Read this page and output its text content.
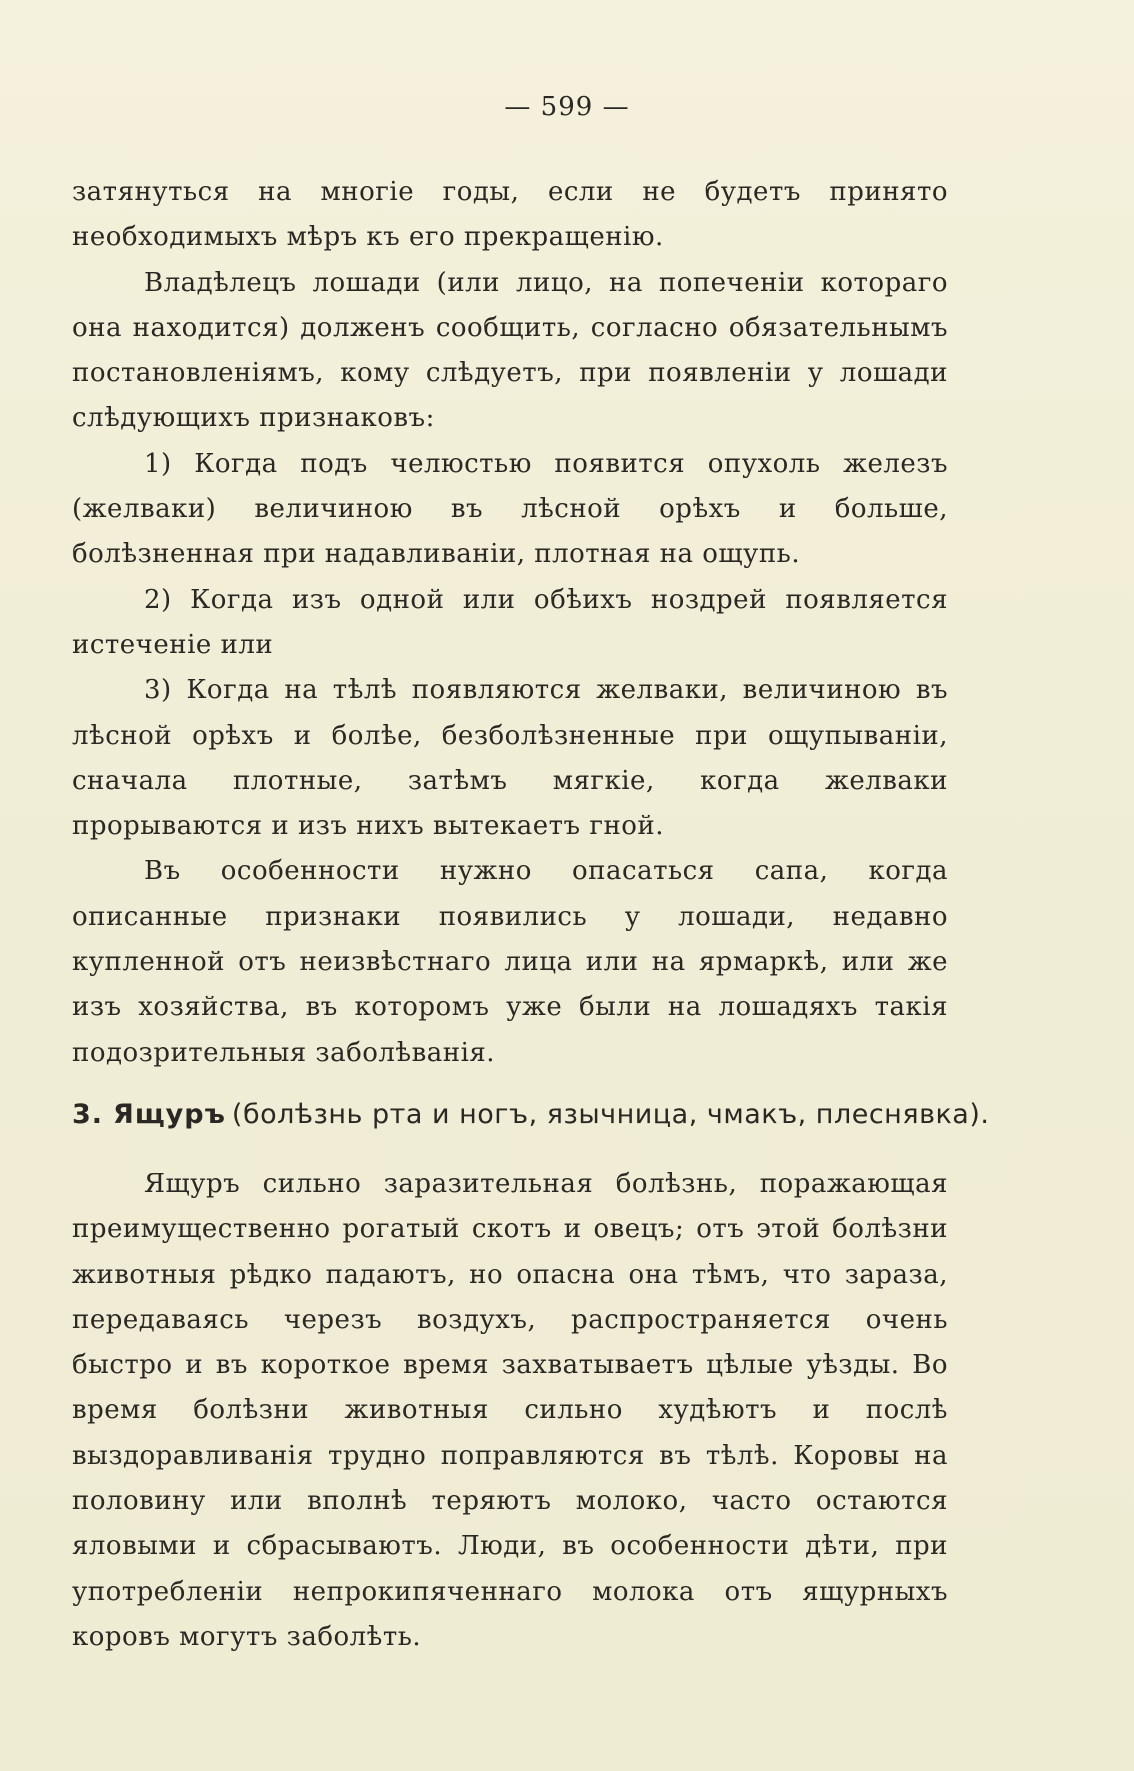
— 599 —

затянуться на многіе годы, если не будетъ принято необходимыхъ мѣръ къ его прекращенію.

Владѣлецъ лошади (или лицо, на попеченіи котораго она находится) долженъ сообщить, согласно обязательнымъ постановленіямъ, кому слѣдуетъ, при появленіи у лошади слѣдующихъ признаковъ:

1) Когда подъ челюстью появится опухоль железъ (желваки) величиною въ лѣсной орѣхъ и больше, болѣзненная при надавливаніи, плотная на ощупь.

2) Когда изъ одной или обѣихъ ноздрей появляется истеченіе или

3) Когда на тѣлѣ появляются желваки, величиною въ лѣсной орѣхъ и болѣе, безболѣзненные при ощупываніи, сначала плотные, затѣмъ мягкіе, когда желваки прорываются и изъ нихъ вытекаетъ гной.

Въ особенности нужно опасаться сапа, когда описанные признаки появились у лошади, недавно купленной отъ неизвѣстнаго лица или на ярмаркѣ, или же изъ хозяйства, въ которомъ уже были на лошадяхъ такія подозрительныя заболѣванія.

3. Ящуръ (болѣзнь рта и ногъ, язычница, чмакъ, плеснявка).

Ящуръ сильно заразительная болѣзнь, поражающая преимущественно рогатый скотъ и овецъ; отъ этой болѣзни животныя рѣдко падаютъ, но опасна она тѣмъ, что зараза, передаваясь черезъ воздухъ, распространяется очень быстро и въ короткое время захватываетъ цѣлые уѣзды. Во время болѣзни животныя сильно худѣютъ и послѣ выздоравливанія трудно поправляются въ тѣлѣ. Коровы на половину или вполнѣ теряютъ молоко, часто остаются яловыми и сбрасываютъ. Люди, въ особенности дѣти, при употребленіи непрокипяченнаго молока отъ ящурныхъ коровъ могутъ заболѣть.
